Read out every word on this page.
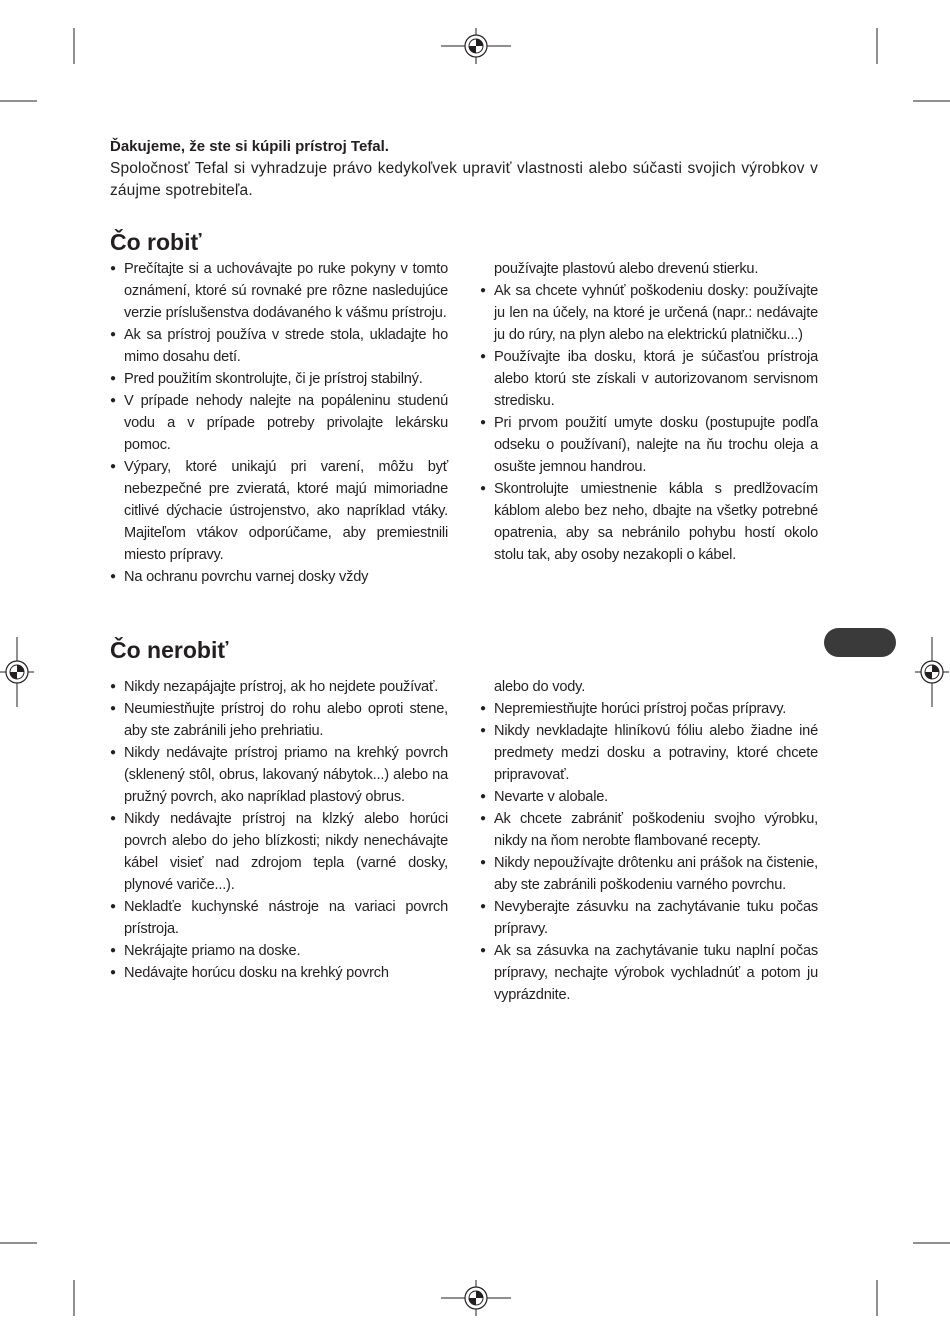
Ďakujeme, že ste si kúpili prístroj Tefal.
Spoločnosť Tefal si vyhradzuje právo kedykoľvek upraviť vlastnosti alebo súčasti svojich výrobkov v záujme spotrebiteľa.
Čo robiť
● Prečítajte si a uchovávajte po ruke pokyny v tomto oznámení, ktoré sú rovnaké pre rôzne nasledujúce verzie príslušenstva dodávaného k vášmu prístroju.
● Ak sa prístroj používa v strede stola, ukladajte ho mimo dosahu detí.
● Pred použitím skontrolujte, či je prístroj stabilný.
● V prípade nehody nalejte na popáleninu studenú vodu a v prípade potreby privolajte lekársku pomoc.
● Výpary, ktoré unikajú pri varení, môžu byť nebezpečné pre zvieratá, ktoré majú mimoriadne citlivé dýchacie ústrojenstvo, ako napríklad vtáky. Majiteľom vtákov odporúčame, aby premiestnili miesto prípravy.
● Na ochranu povrchu varnej dosky vždy
používajte plastovú alebo drevenú stierku.
● Ak sa chcete vyhnúť poškodeniu dosky: používajte ju len na účely, na ktoré je určená (napr.: nedávajte ju do rúry, na plyn alebo na elektrickú platničku...)
● Používajte iba dosku, ktorá je súčasťou prístroja alebo ktorú ste získali v autorizovanom servisnom stredisku.
● Pri prvom použití umyte dosku (postupujte podľa odseku o používaní), nalejte na ňu trochu oleja a osušte jemnou handrou.
● Skontrolujte umiestnenie kábla s predlžovacím káblom alebo bez neho, dbajte na všetky potrebné opatrenia, aby sa nebránilo pohybu hostí okolo stolu tak, aby osoby nezakopli o kábel.
Čo nerobiť
● Nikdy nezapájajte prístroj, ak ho nejdete používať.
● Neumiestňujte prístroj do rohu alebo oproti stene, aby ste zabránili jeho prehriatiu.
● Nikdy nedávajte prístroj priamo na krehký povrch (sklenený stôl, obrus, lakovaný nábytok...) alebo na pružný povrch, ako napríklad plastový obrus.
● Nikdy nedávajte prístroj na klzký alebo horúci povrch alebo do jeho blízkosti; nikdy nenechávajte kábel visieť nad zdrojom tepla (varné dosky, plynové variče...).
● Nekladťe kuchynské nástroje na variaci povrch prístroja.
● Nekrájajte priamo na doske.
● Nedávajte horúcu dosku na krehký povrch
alebo do vody.
● Nepremiestňujte horúci prístroj počas prípravy.
● Nikdy nevkladajte hliníkovú fóliu alebo žiadne iné predmety medzi dosku a potraviny, ktoré chcete pripravovať.
● Nevarte v alobale.
● Ak chcete zabrániť poškodeniu svojho výrobku, nikdy na ňom nerobte flambované recepty.
● Nikdy nepoužívajte drôtenku ani prášok na čistenie, aby ste zabránili poškodeniu varného povrchu.
● Nevyberajte zásuvku na zachytávanie tuku počas prípravy.
● Ak sa zásuvka na zachytávanie tuku naplní počas prípravy, nechajte výrobok vychladnúť a potom ju vyprázdnite.
